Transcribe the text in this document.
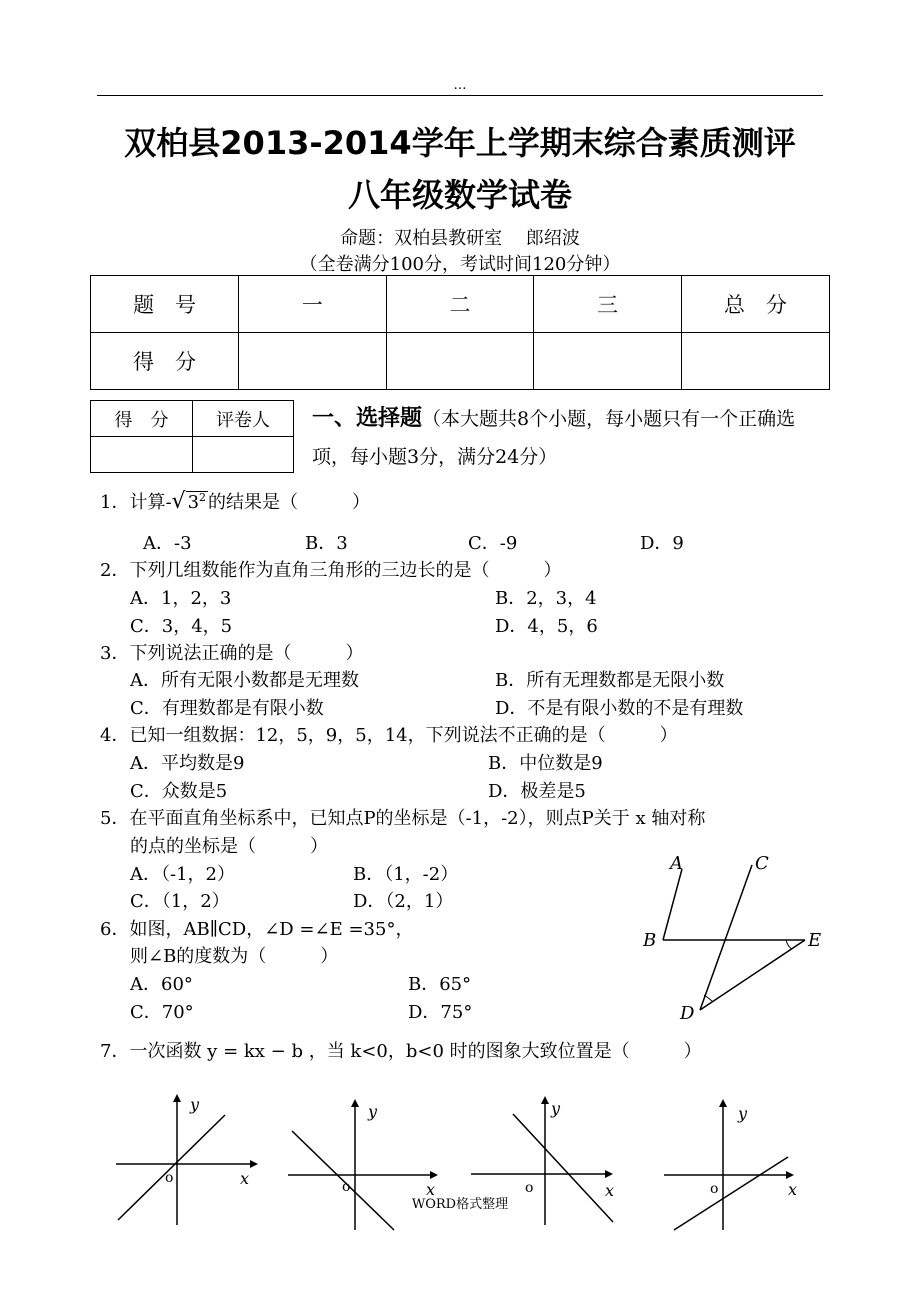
…
双柏县2013-2014学年上学期末综合素质测评
八年级数学试卷
命题：双柏县教研室　 郎绍波
（全卷满分100分，考试时间120分钟）
题　号	一	二	三	总　分
得　分				
得　分	评卷人
	一、选择题（本大题共8个小题，每小题只有一个正确选项，每小题3分，满分24分）
1．计算-√ $3^2$ 的结果是（　　　）
A．-3	B．3	C．-9	D．9
2．下列几组数能作为直角三角形的三边长的是（　　　）
A．1，2，3	B．2，3，4
C．3，4，5	D．4，5，6
3．下列说法正确的是（　　　）
A．所有无限小数都是无理数	B．所有无理数都是无限小数
C．有理数都是有限小数	D．不是有限小数的不是有理数
4．已知一组数据：12，5，9，5，14，下列说法不正确的是（　　　）
A．平均数是9	B．中位数是9
C．众数是5	D．极差是5
5．在平面直角坐标系中，已知点P的坐标是（-1，-2），则点P关于 x 轴对称
的点的坐标是（　　　）
A．（-1，2）	B．（1，-2）
C．（1，2）	D．（2，1）
6．如图，AB∥CD，∠D =∠E =35°，
则∠B的度数为（　　　）
A．60°	B．65°
C．70°	D．75°
A	C
B	E
D
7．一次函数 y = kx − b ，当 k<0，b<0 时的图象大致位置是（　　　）
y
x
o
y
x
o
y
x
o
y
x
o
WORD格式整理
